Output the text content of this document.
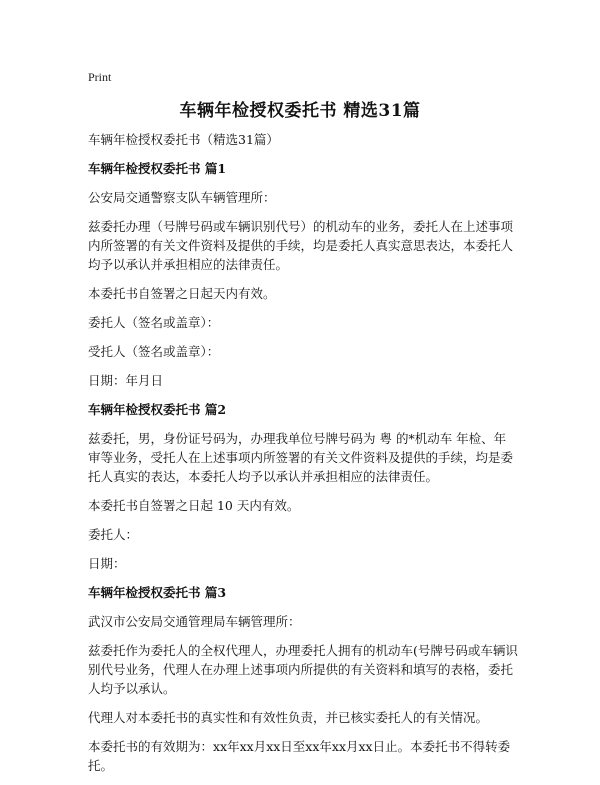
Print
车辆年检授权委托书 精选31篇

车辆年检授权委托书（精选31篇）

车辆年检授权委托书 篇1

公安局交通警察支队车辆管理所：

兹委托办理（号牌号码或车辆识别代号）的机动车的业务，委托人在上述事项内所签署的有关文件资料及提供的手续，均是委托人真实意思表达，本委托人均予以承认并承担相应的法律责任。

本委托书自签署之日起天内有效。

委托人（签名或盖章）：

受托人（签名或盖章）：

日期：年月日

车辆年检授权委托书 篇2

兹委托，男，身份证号码为，办理我单位号牌号码为 粤 的*机动车 年检、年审等业务，受托人在上述事项内所签署的有关文件资料及提供的手续，均是委托人真实的表达，本委托人均予以承认并承担相应的法律责任。

本委托书自签署之日起 10 天内有效。

委托人：

日期：

车辆年检授权委托书 篇3

武汉市公安局交通管理局车辆管理所：

兹委托作为委托人的全权代理人，办理委托人拥有的机动车(号牌号码或车辆识别代号业务，代理人在办理上述事项内所提供的有关资料和填写的表格，委托人均予以承认。

代理人对本委托书的真实性和有效性负责，并已核实委托人的有关情况。

本委托书的有效期为：xx年xx月xx日至xx年xx月xx日止。本委托书不得转委托。
